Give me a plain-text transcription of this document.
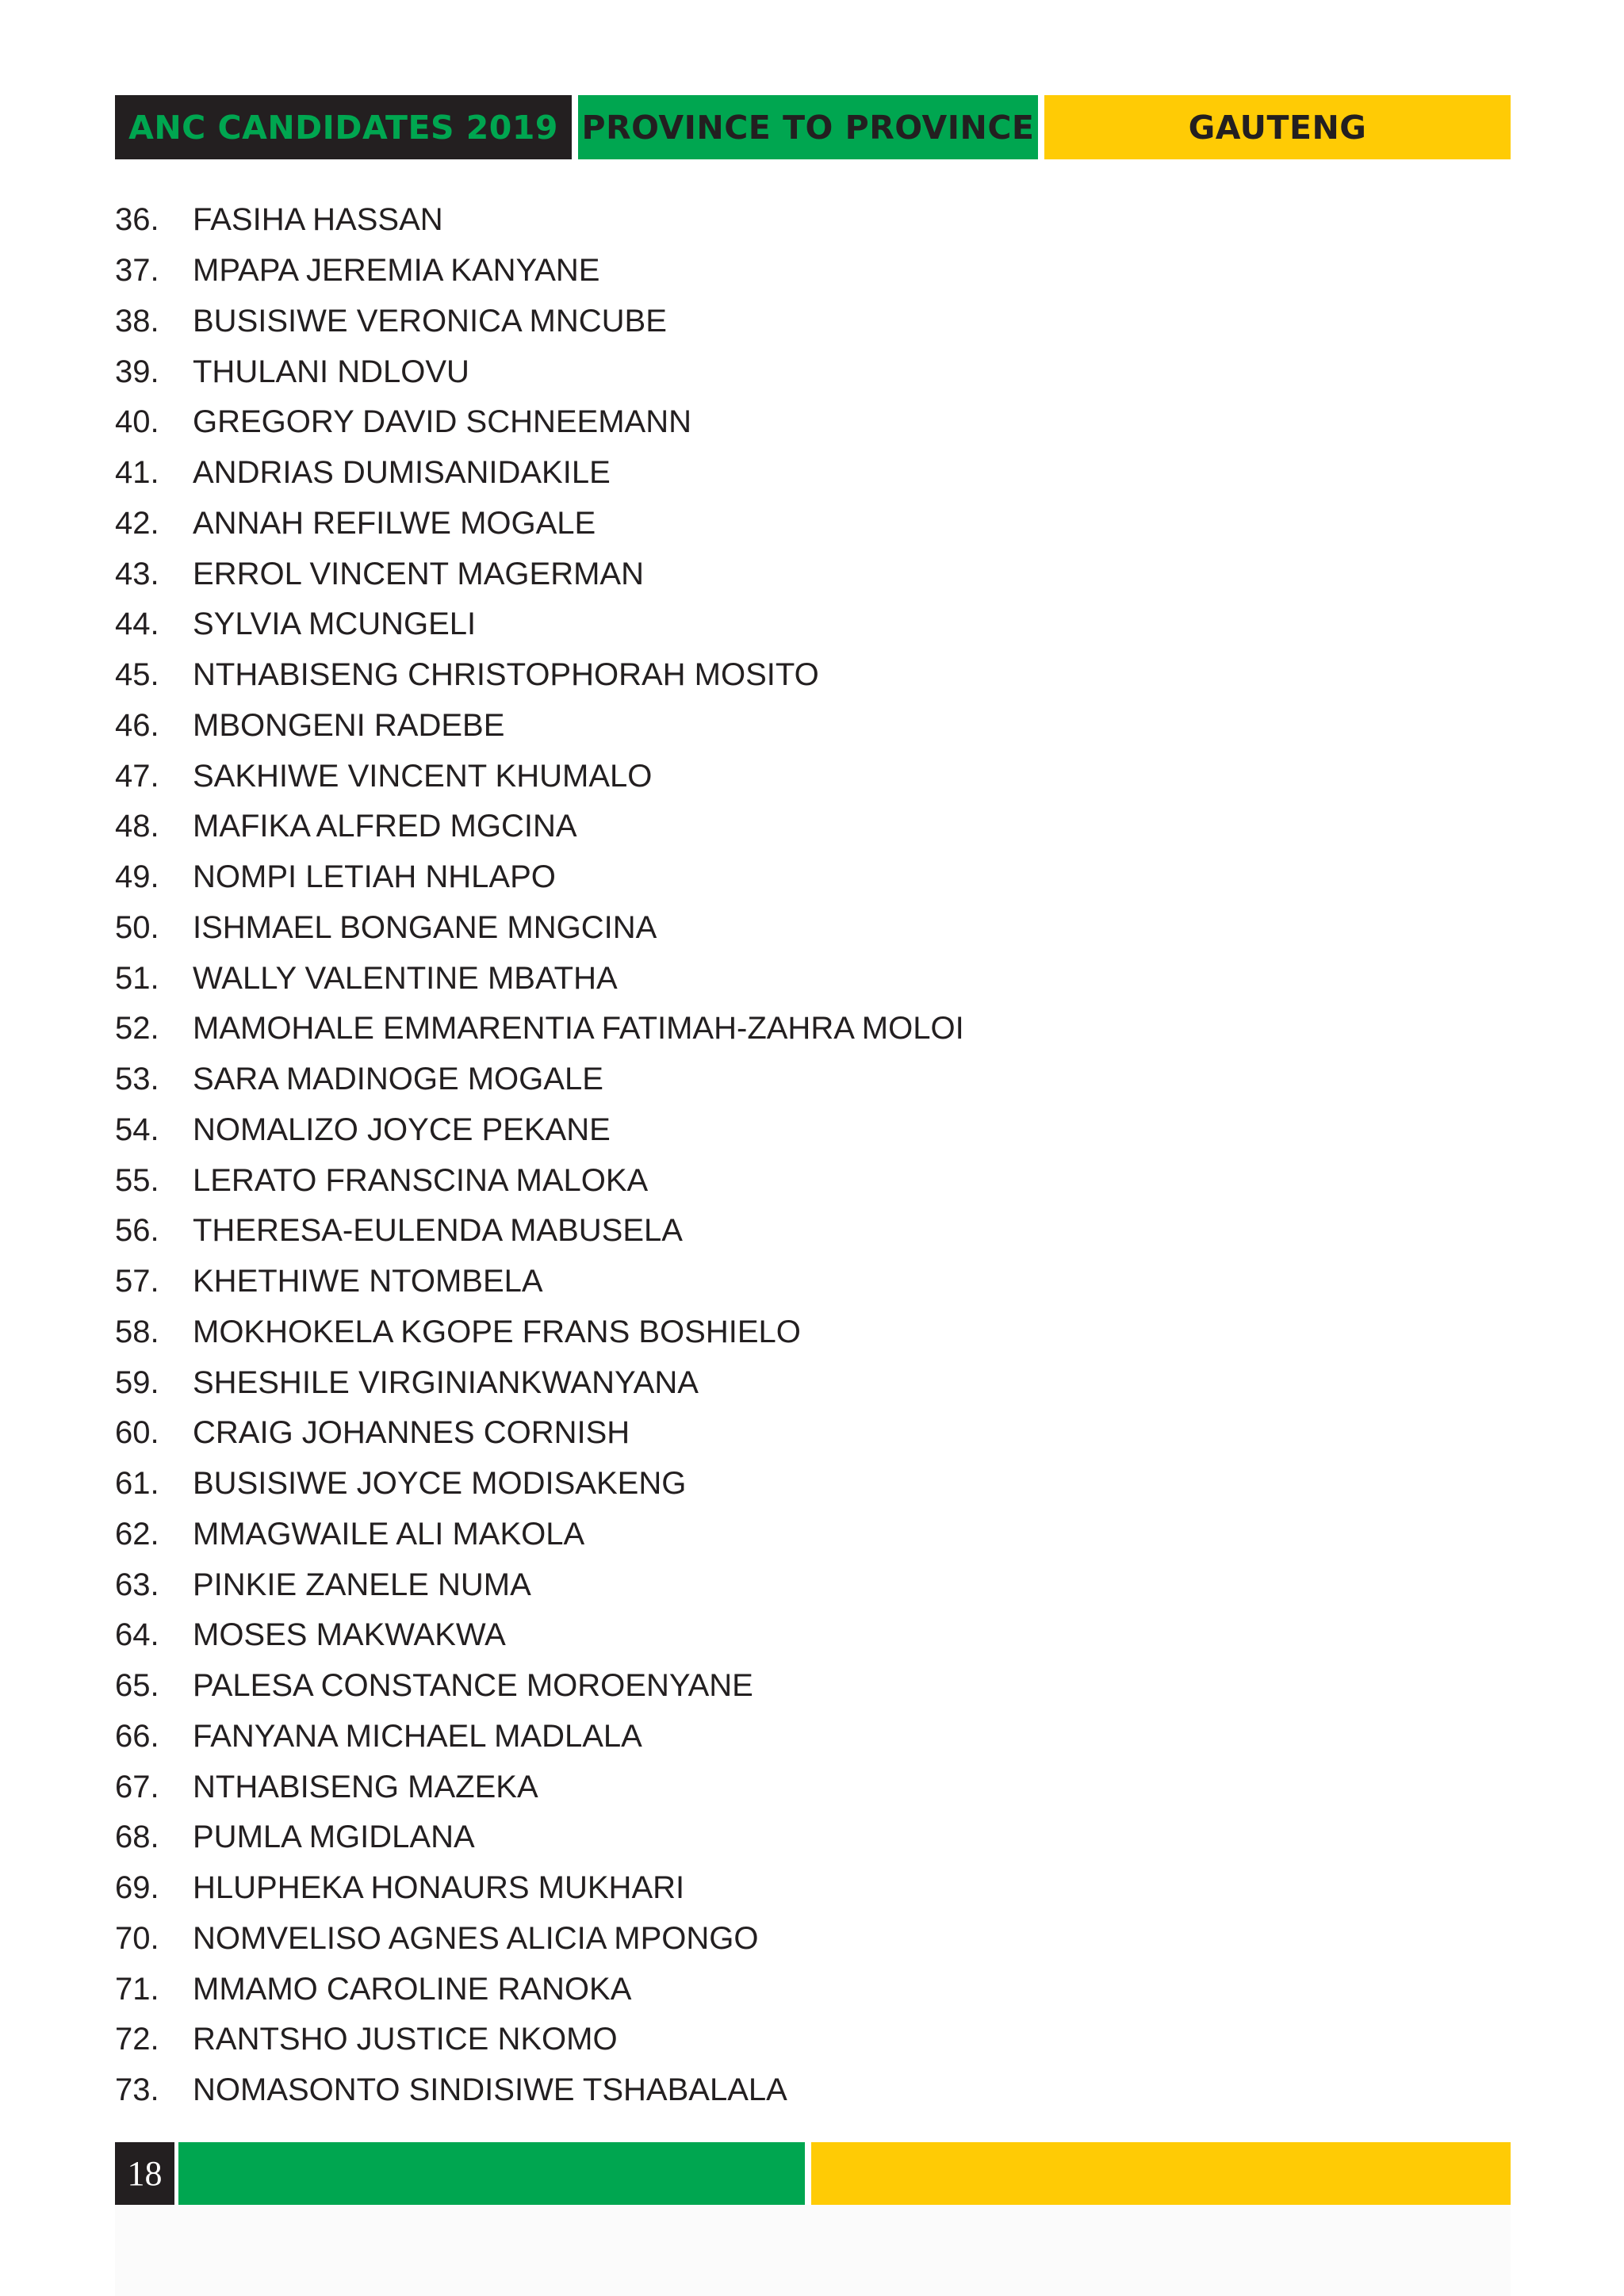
ANC CANDIDATES 2019 PROVINCE TO PROVINCE	GAUTENG
36.	FASIHA HASSAN
37.	MPAPA JEREMIA KANYANE
38.	BUSISIWE VERONICA MNCUBE
39.	THULANI NDLOVU
40.	GREGORY DAVID SCHNEEMANN
41.	ANDRIAS DUMISANIDAKILE
42.	ANNAH REFILWE MOGALE
43.	ERROL VINCENT MAGERMAN
44.	SYLVIA MCUNGELI
45.	NTHABISENG CHRISTOPHORAH MOSITO
46.	MBONGENI RADEBE
47.	SAKHIWE VINCENT KHUMALO
48.	MAFIKA ALFRED MGCINA
49.	NOMPI LETIAH NHLAPO
50.	ISHMAEL BONGANE MNGCINA
51.	WALLY VALENTINE MBATHA
52.	MAMOHALE EMMARENTIA FATIMAH-ZAHRA MOLOI
53.	SARA MADINOGE MOGALE
54.	NOMALIZO JOYCE PEKANE
55.	LERATO FRANSCINA MALOKA
56.	THERESA-EULENDA MABUSELA
57.	KHETHIWE NTOMBELA
58.	MOKHOKELA KGOPE FRANS BOSHIELO
59.	SHESHILE VIRGINIANKWANYANA
60.	CRAIG JOHANNES CORNISH
61.	BUSISIWE JOYCE MODISAKENG
62.	MMAGWAILE ALI MAKOLA
63.	PINKIE ZANELE NUMA
64.	MOSES MAKWAKWA
65.	PALESA CONSTANCE MOROENYANE
66.	FANYANA MICHAEL MADLALA
67.	NTHABISENG MAZEKA
68.	PUMLA MGIDLANA
69.	HLUPHEKA HONAURS MUKHARI
70.	NOMVELISO AGNES ALICIA MPONGO
71.	MMAMO CAROLINE RANOKA
72.	RANTSHO JUSTICE NKOMO
73.	NOMASONTO SINDISIWE TSHABALALA
18
